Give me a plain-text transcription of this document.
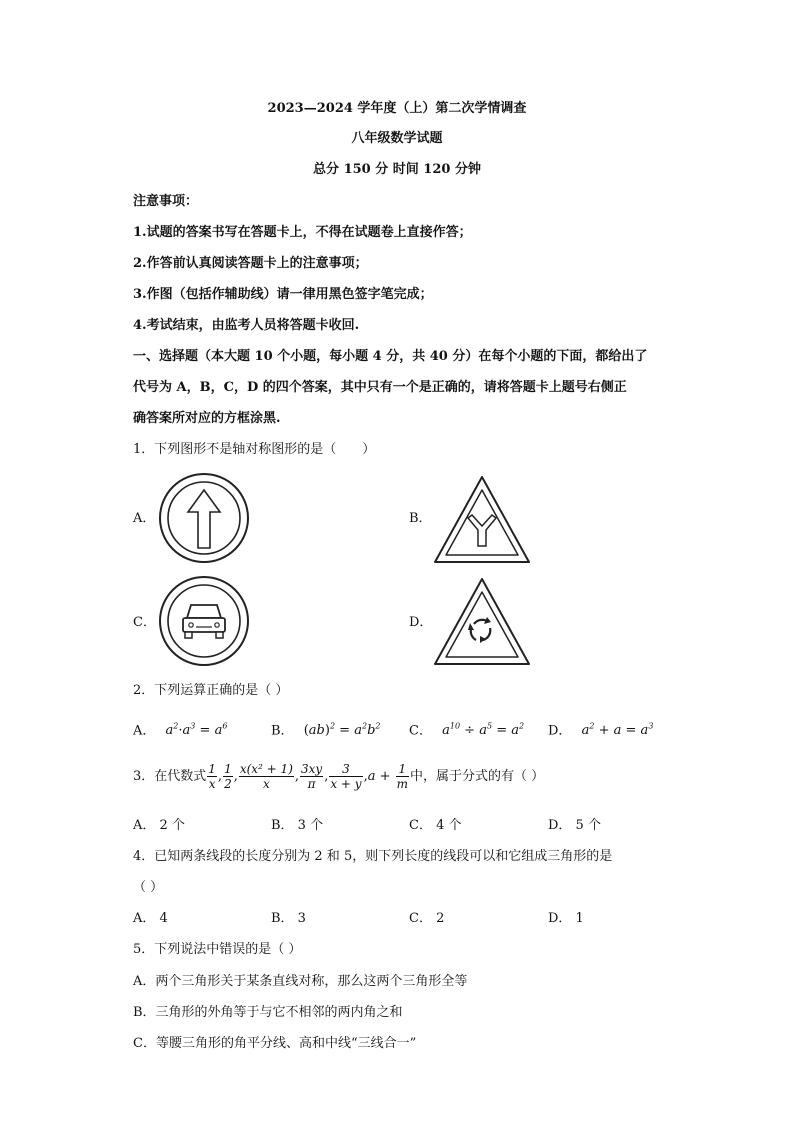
2023—2024 学年度（上）第二次学情调查
八年级数学试题
总分 150 分 时间 120 分钟
注意事项：
1.试题的答案书写在答题卡上，不得在试题卷上直接作答；
2.作答前认真阅读答题卡上的注意事项；
3.作图（包括作辅助线）请一律用黑色签字笔完成；
4.考试结束，由监考人员将答题卡收回.
一、选择题（本大题 10 个小题，每小题 4 分，共 40 分）在每个小题的下面，都给出了
代号为 A，B，C，D 的四个答案，其中只有一个是正确的，请将答题卡上题号右侧正
确答案所对应的方框涂黑.
1．下列图形不是轴对称图形的是（　　）
A．	B．
C．	D．
2．下列运算正确的是（ ）
A． $a^2\cdot a^3 = a^6$	B． $(ab)^2 = a^2b^2$ C． $a^{10} \div a^5 = a^2$ D． $a^2 + a = a^3$
3．在代数式 $\frac{1}{x}$ , $\frac{1}{2}$ , $\frac{\text{x(x² + 1)}}{x}$ , $\frac{3xy}{\pi}$ , $\frac{3}{x + y} ,a + \frac{1}{m}$ 中，属于分式的有（ ）
A． 2 个	B． 3 个	C． 4 个	D． 5 个
4．已知两条线段的长度分别为 2 和 5，则下列长度的线段可以和它组成三角形的是
（ ）
A． 4	B． 3	C． 2	D． 1
5．下列说法中错误的是（ ）
A．两个三角形关于某条直线对称，那么这两个三角形全等
B．三角形的外角等于与它不相邻的两内角之和
C．等腰三角形的角平分线、高和中线“三线合一”
